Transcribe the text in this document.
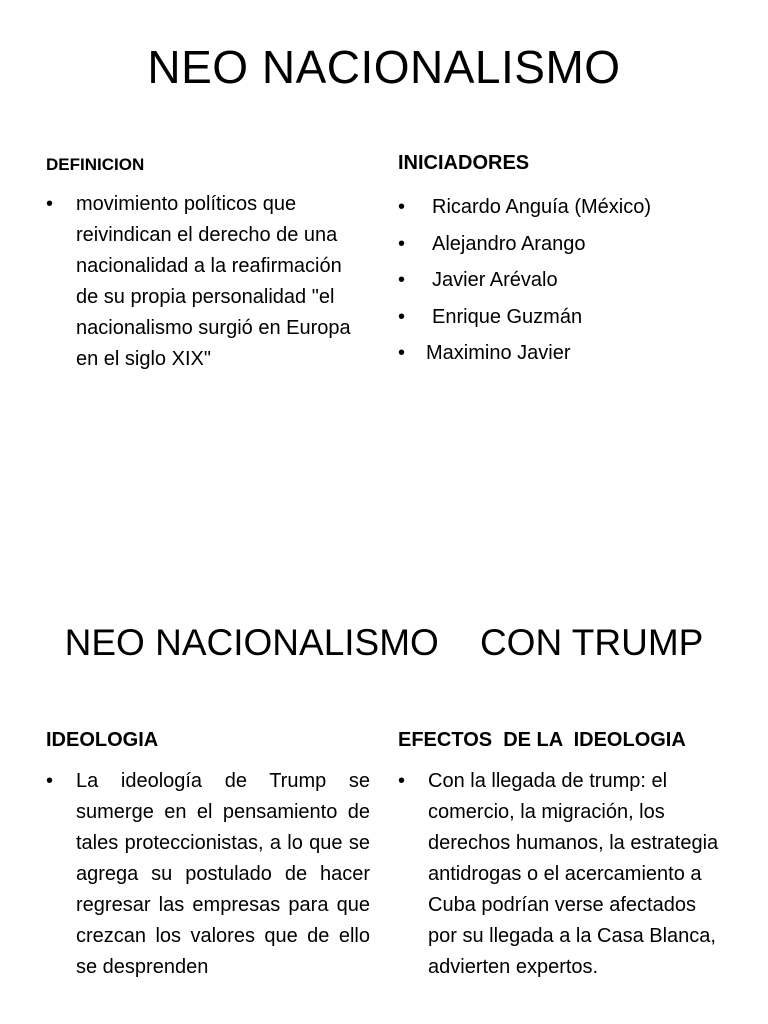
NEO NACIONALISMO
DEFINICION
• movimiento políticos que reivindican el derecho de una nacionalidad a la reafirmación de su propia personalidad "el nacionalismo surgió en Europa en el siglo XIX"
INICIADORES
• Ricardo Anguía (México)
• Alejandro Arango
• Javier Arévalo
• Enrique Guzmán
• Maximino Javier
NEO NACIONALISMO    CON TRUMP
IDEOLOGIA
• La ideología de Trump se sumerge en el pensamiento de tales proteccionistas, a lo que se agrega su postulado de hacer regresar las empresas para que crezcan los valores que de ello se desprenden
EFECTOS  DE LA  IDEOLOGIA
• Con la llegada de trump: el comercio, la migración, los derechos humanos, la estrategia antidrogas o el acercamiento a Cuba podrían verse afectados por su llegada a la Casa Blanca, advierten expertos.
